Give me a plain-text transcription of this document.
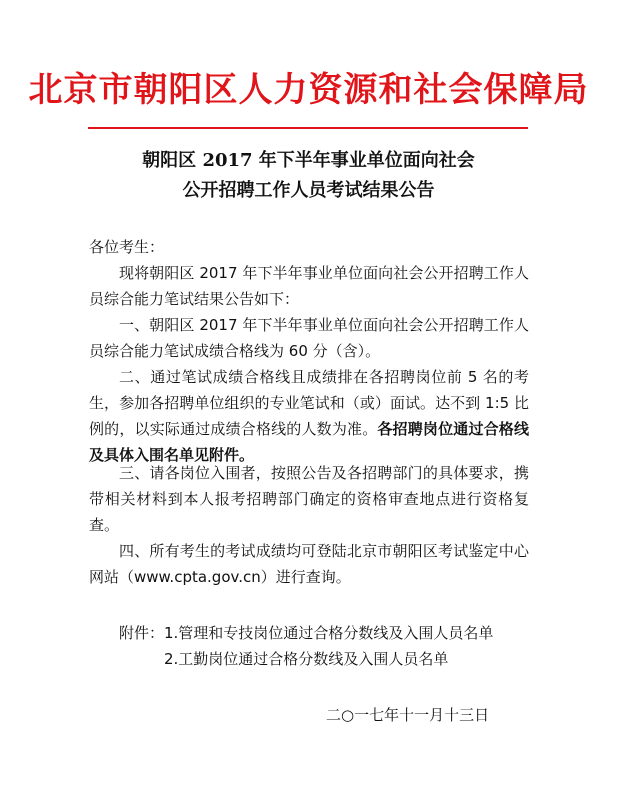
北京市朝阳区人力资源和社会保障局
朝阳区 2017 年下半年事业单位面向社会
公开招聘工作人员考试结果公告
各位考生：
现将朝阳区 2017 年下半年事业单位面向社会公开招聘工作人员综合能力笔试结果公告如下：
一、朝阳区 2017 年下半年事业单位面向社会公开招聘工作人员综合能力笔试成绩合格线为 60 分（含）。
二、通过笔试成绩合格线且成绩排在各招聘岗位前 5 名的考生，参加各招聘单位组织的专业笔试和（或）面试。达不到 1:5 比例的，以实际通过成绩合格线的人数为准。各招聘岗位通过合格线及具体入围名单见附件。
三、请各岗位入围者，按照公告及各招聘部门的具体要求，携带相关材料到本人报考招聘部门确定的资格审查地点进行资格复查。
四、所有考生的考试成绩均可登陆北京市朝阳区考试鉴定中心网站（www.cpta.gov.cn）进行查询。
附件：1.管理和专技岗位通过合格分数线及入围人员名单
2.工勤岗位通过合格分数线及入围人员名单
二○一七年十一月十三日
